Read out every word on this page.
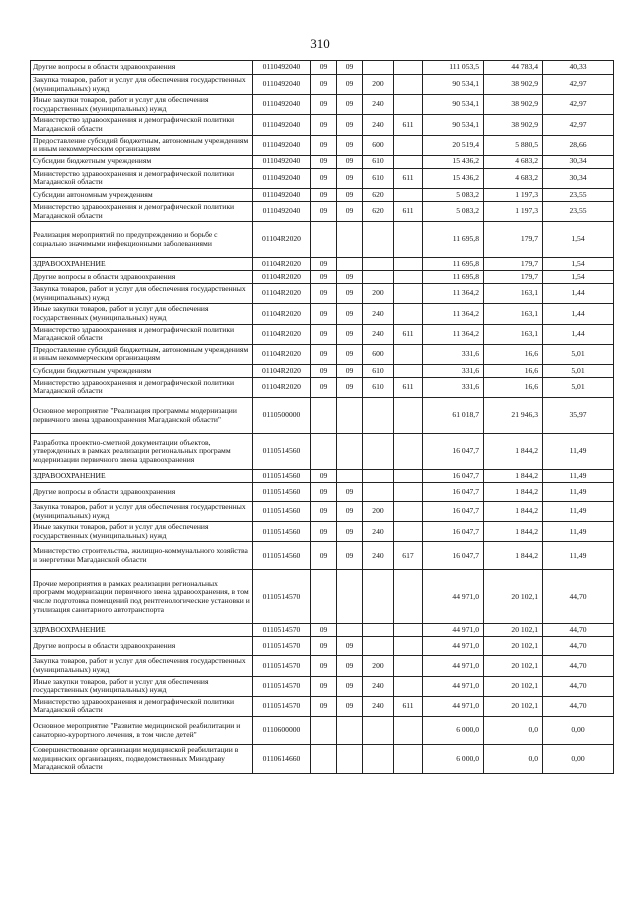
310
Другие вопросы в области здравоохранения	0110492040	09	09			111 053,5	44 783,4	40,33
Закупка товаров, работ и услуг для обеспечения государственных (муниципальных) нужд	0110492040	09	09	200		90 534,1	38 902,9	42,97
Иные закупки товаров, работ и услуг для обеспечения государственных (муниципальных) нужд	0110492040	09	09	240		90 534,1	38 902,9	42,97
Министерство здравоохранения и демографической политики Магаданской области	0110492040	09	09	240	611	90 534,1	38 902,9	42,97
Предоставление субсидий бюджетным, автономным учреждениям и иным некоммерческим организациям	0110492040	09	09	600		20 519,4	5 880,5	28,66
Субсидии бюджетным учреждениям	0110492040	09	09	610		15 436,2	4 683,2	30,34
Министерство здравоохранения и демографической политики Магаданской области	0110492040	09	09	610	611	15 436,2	4 683,2	30,34
Субсидии автономным учреждениям	0110492040	09	09	620		5 083,2	1 197,3	23,55
Министерство здравоохранения и демографической политики Магаданской области	0110492040	09	09	620	611	5 083,2	1 197,3	23,55
Реализация мероприятий по предупреждению и борьбе с социально значимыми инфекционными заболеваниями	01104R2020					11 695,8	179,7	1,54
ЗДРАВООХРАНЕНИЕ	01104R2020	09				11 695,8	179,7	1,54
Другие вопросы в области здравоохранения	01104R2020	09	09			11 695,8	179,7	1,54
Закупка товаров, работ и услуг для обеспечения государственных (муниципальных) нужд	01104R2020	09	09	200		11 364,2	163,1	1,44
Иные закупки товаров, работ и услуг для обеспечения государственных (муниципальных) нужд	01104R2020	09	09	240		11 364,2	163,1	1,44
Министерство здравоохранения и демографической политики Магаданской области	01104R2020	09	09	240	611	11 364,2	163,1	1,44
Предоставление субсидий бюджетным, автономным учреждениям и иным некоммерческим организациям	01104R2020	09	09	600		331,6	16,6	5,01
Субсидии бюджетным учреждениям	01104R2020	09	09	610		331,6	16,6	5,01
Министерство здравоохранения и демографической политики Магаданской области	01104R2020	09	09	610	611	331,6	16,6	5,01
Основное мероприятие "Реализация программы модернизации первичного звена здравоохранения Магаданской области"	0110500000					61 018,7	21 946,3	35,97
Разработка проектно-сметной документации объектов, утвержденных в рамках реализации региональных программ модернизации первичного звена здравоохранения	0110514560					16 047,7	1 844,2	11,49
ЗДРАВООХРАНЕНИЕ	0110514560	09				16 047,7	1 844,2	11,49
Другие вопросы в области здравоохранения	0110514560	09	09			16 047,7	1 844,2	11,49
Закупка товаров, работ и услуг для обеспечения государственных (муниципальных) нужд	0110514560	09	09	200		16 047,7	1 844,2	11,49
Иные закупки товаров, работ и услуг для обеспечения государственных (муниципальных) нужд	0110514560	09	09	240		16 047,7	1 844,2	11,49
Министерство строительства, жилищно-коммунального хозяйства и энергетики Магаданской области	0110514560	09	09	240	617	16 047,7	1 844,2	11,49
Прочие мероприятия в рамках реализации региональных программ модернизации первичного звена здравоохранения, в том числе подготовка помещений под рентгенологические установки и утилизация санитарного автотранспорта	0110514570					44 971,0	20 102,1	44,70
ЗДРАВООХРАНЕНИЕ	0110514570	09				44 971,0	20 102,1	44,70
Другие вопросы в области здравоохранения	0110514570	09	09			44 971,0	20 102,1	44,70
Закупка товаров, работ и услуг для обеспечения государственных (муниципальных) нужд	0110514570	09	09	200		44 971,0	20 102,1	44,70
Иные закупки товаров, работ и услуг для обеспечения государственных (муниципальных) нужд	0110514570	09	09	240		44 971,0	20 102,1	44,70
Министерство здравоохранения и демографической политики Магаданской области	0110514570	09	09	240	611	44 971,0	20 102,1	44,70
Основное мероприятие "Развитие медицинской реабилитации и санаторно-курортного лечения, в том числе детей"	0110600000					6 000,0	0,0	0,00
Совершенствование организации медицинской реабилитации в медицинских организациях, подведомственных Минздраву Магаданской области	0110614660					6 000,0	0,0	0,00
